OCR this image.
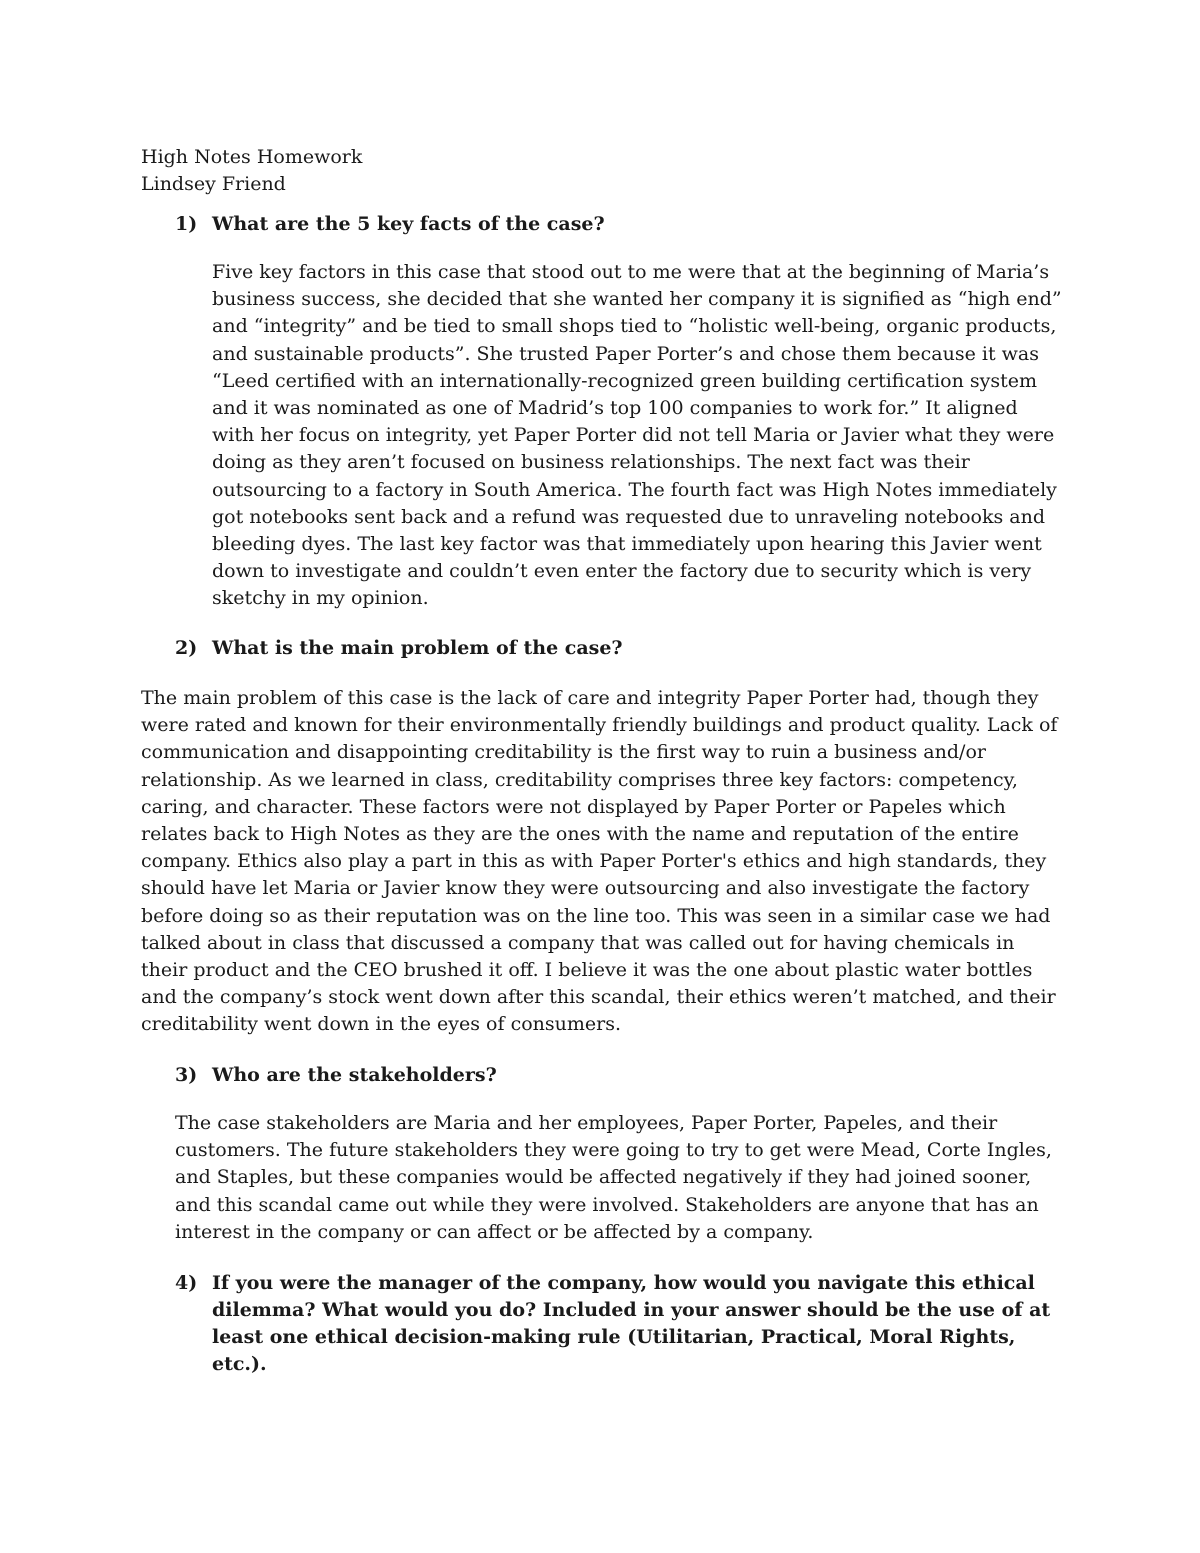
High Notes Homework
Lindsey Friend
1) What are the 5 key facts of the case?

Five key factors in this case that stood out to me were that at the beginning of Maria’s business success, she decided that she wanted her company it is signified as “high end” and “integrity” and be tied to small shops tied to “holistic well-being, organic products, and sustainable products”. She trusted Paper Porter’s and chose them because it was “Leed certified with an internationally-recognized green building certification system and it was nominated as one of Madrid’s top 100 companies to work for.” It aligned with her focus on integrity, yet Paper Porter did not tell Maria or Javier what they were doing as they aren’t focused on business relationships. The next fact was their outsourcing to a factory in South America. The fourth fact was High Notes immediately got notebooks sent back and a refund was requested due to unraveling notebooks and bleeding dyes. The last key factor was that immediately upon hearing this Javier went down to investigate and couldn’t even enter the factory due to security which is very sketchy in my opinion.

2) What is the main problem of the case?

The main problem of this case is the lack of care and integrity Paper Porter had, though they were rated and known for their environmentally friendly buildings and product quality. Lack of communication and disappointing creditability is the first way to ruin a business and/or relationship. As we learned in class, creditability comprises three key factors: competency, caring, and character. These factors were not displayed by Paper Porter or Papeles which relates back to High Notes as they are the ones with the name and reputation of the entire company. Ethics also play a part in this as with Paper Porter's ethics and high standards, they should have let Maria or Javier know they were outsourcing and also investigate the factory before doing so as their reputation was on the line too. This was seen in a similar case we had talked about in class that discussed a company that was called out for having chemicals in their product and the CEO brushed it off. I believe it was the one about plastic water bottles and the company’s stock went down after this scandal, their ethics weren’t matched, and their creditability went down in the eyes of consumers.

3) Who are the stakeholders?

The case stakeholders are Maria and her employees, Paper Porter, Papeles, and their customers. The future stakeholders they were going to try to get were Mead, Corte Ingles, and Staples, but these companies would be affected negatively if they had joined sooner, and this scandal came out while they were involved. Stakeholders are anyone that has an interest in the company or can affect or be affected by a company.

4) If you were the manager of the company, how would you navigate this ethical dilemma? What would you do? Included in your answer should be the use of at least one ethical decision-making rule (Utilitarian, Practical, Moral Rights, etc.).
